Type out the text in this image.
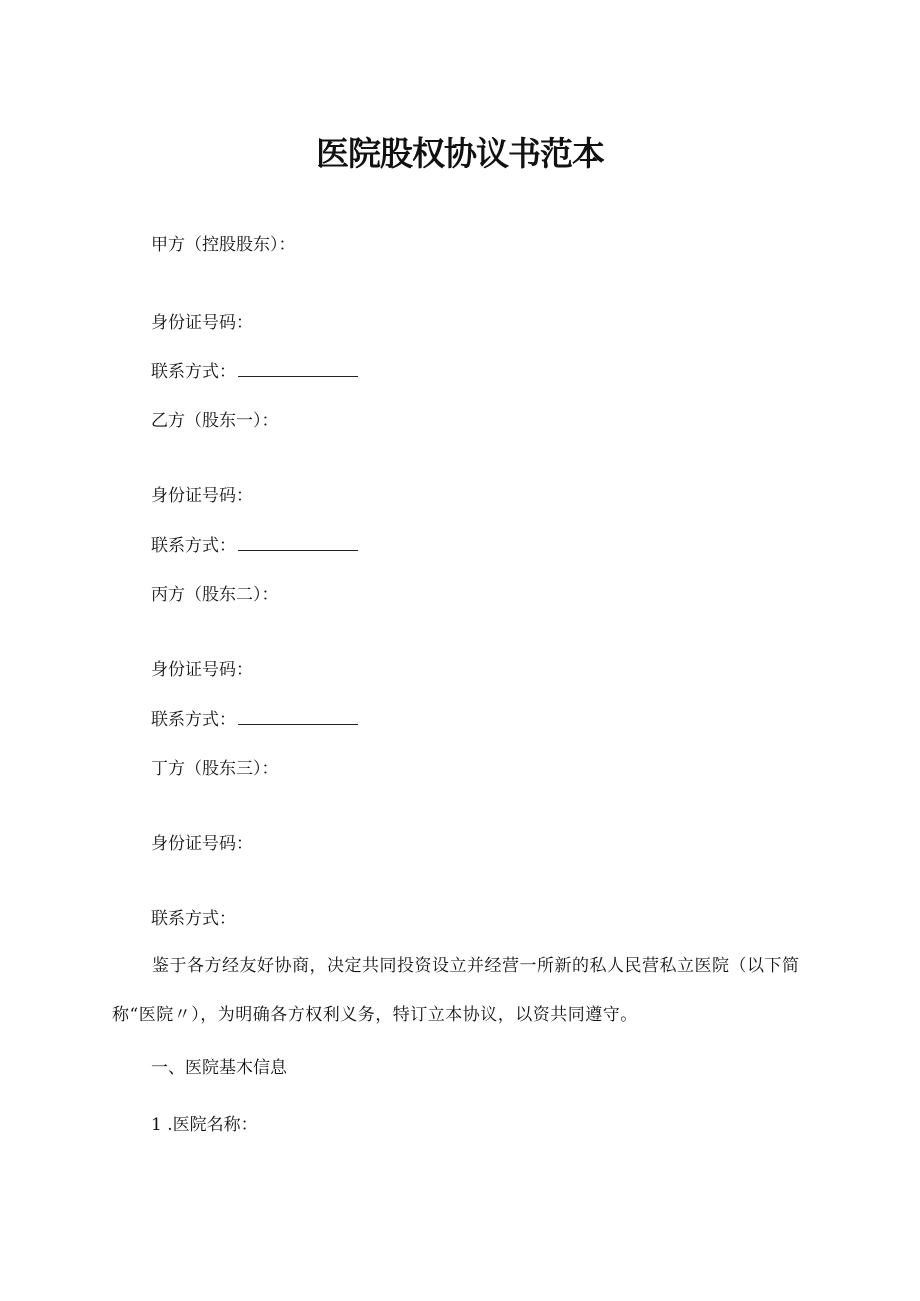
医院股权协议书范本
甲方（控股股东）：
身份证号码：
联系方式：
乙方（股东一）：
身份证号码：
联系方式：
丙方（股东二）：
身份证号码：
联系方式：
丁方（股东三）：
身份证号码：
联系方式：
鉴于各方经友好协商，决定共同投资设立并经营一所新的私人民营私立医院（以下简称“医院〃），为明确各方权利义务，特订立本协议，以资共同遵守。
一、医院基木信息
1 .医院名称：
